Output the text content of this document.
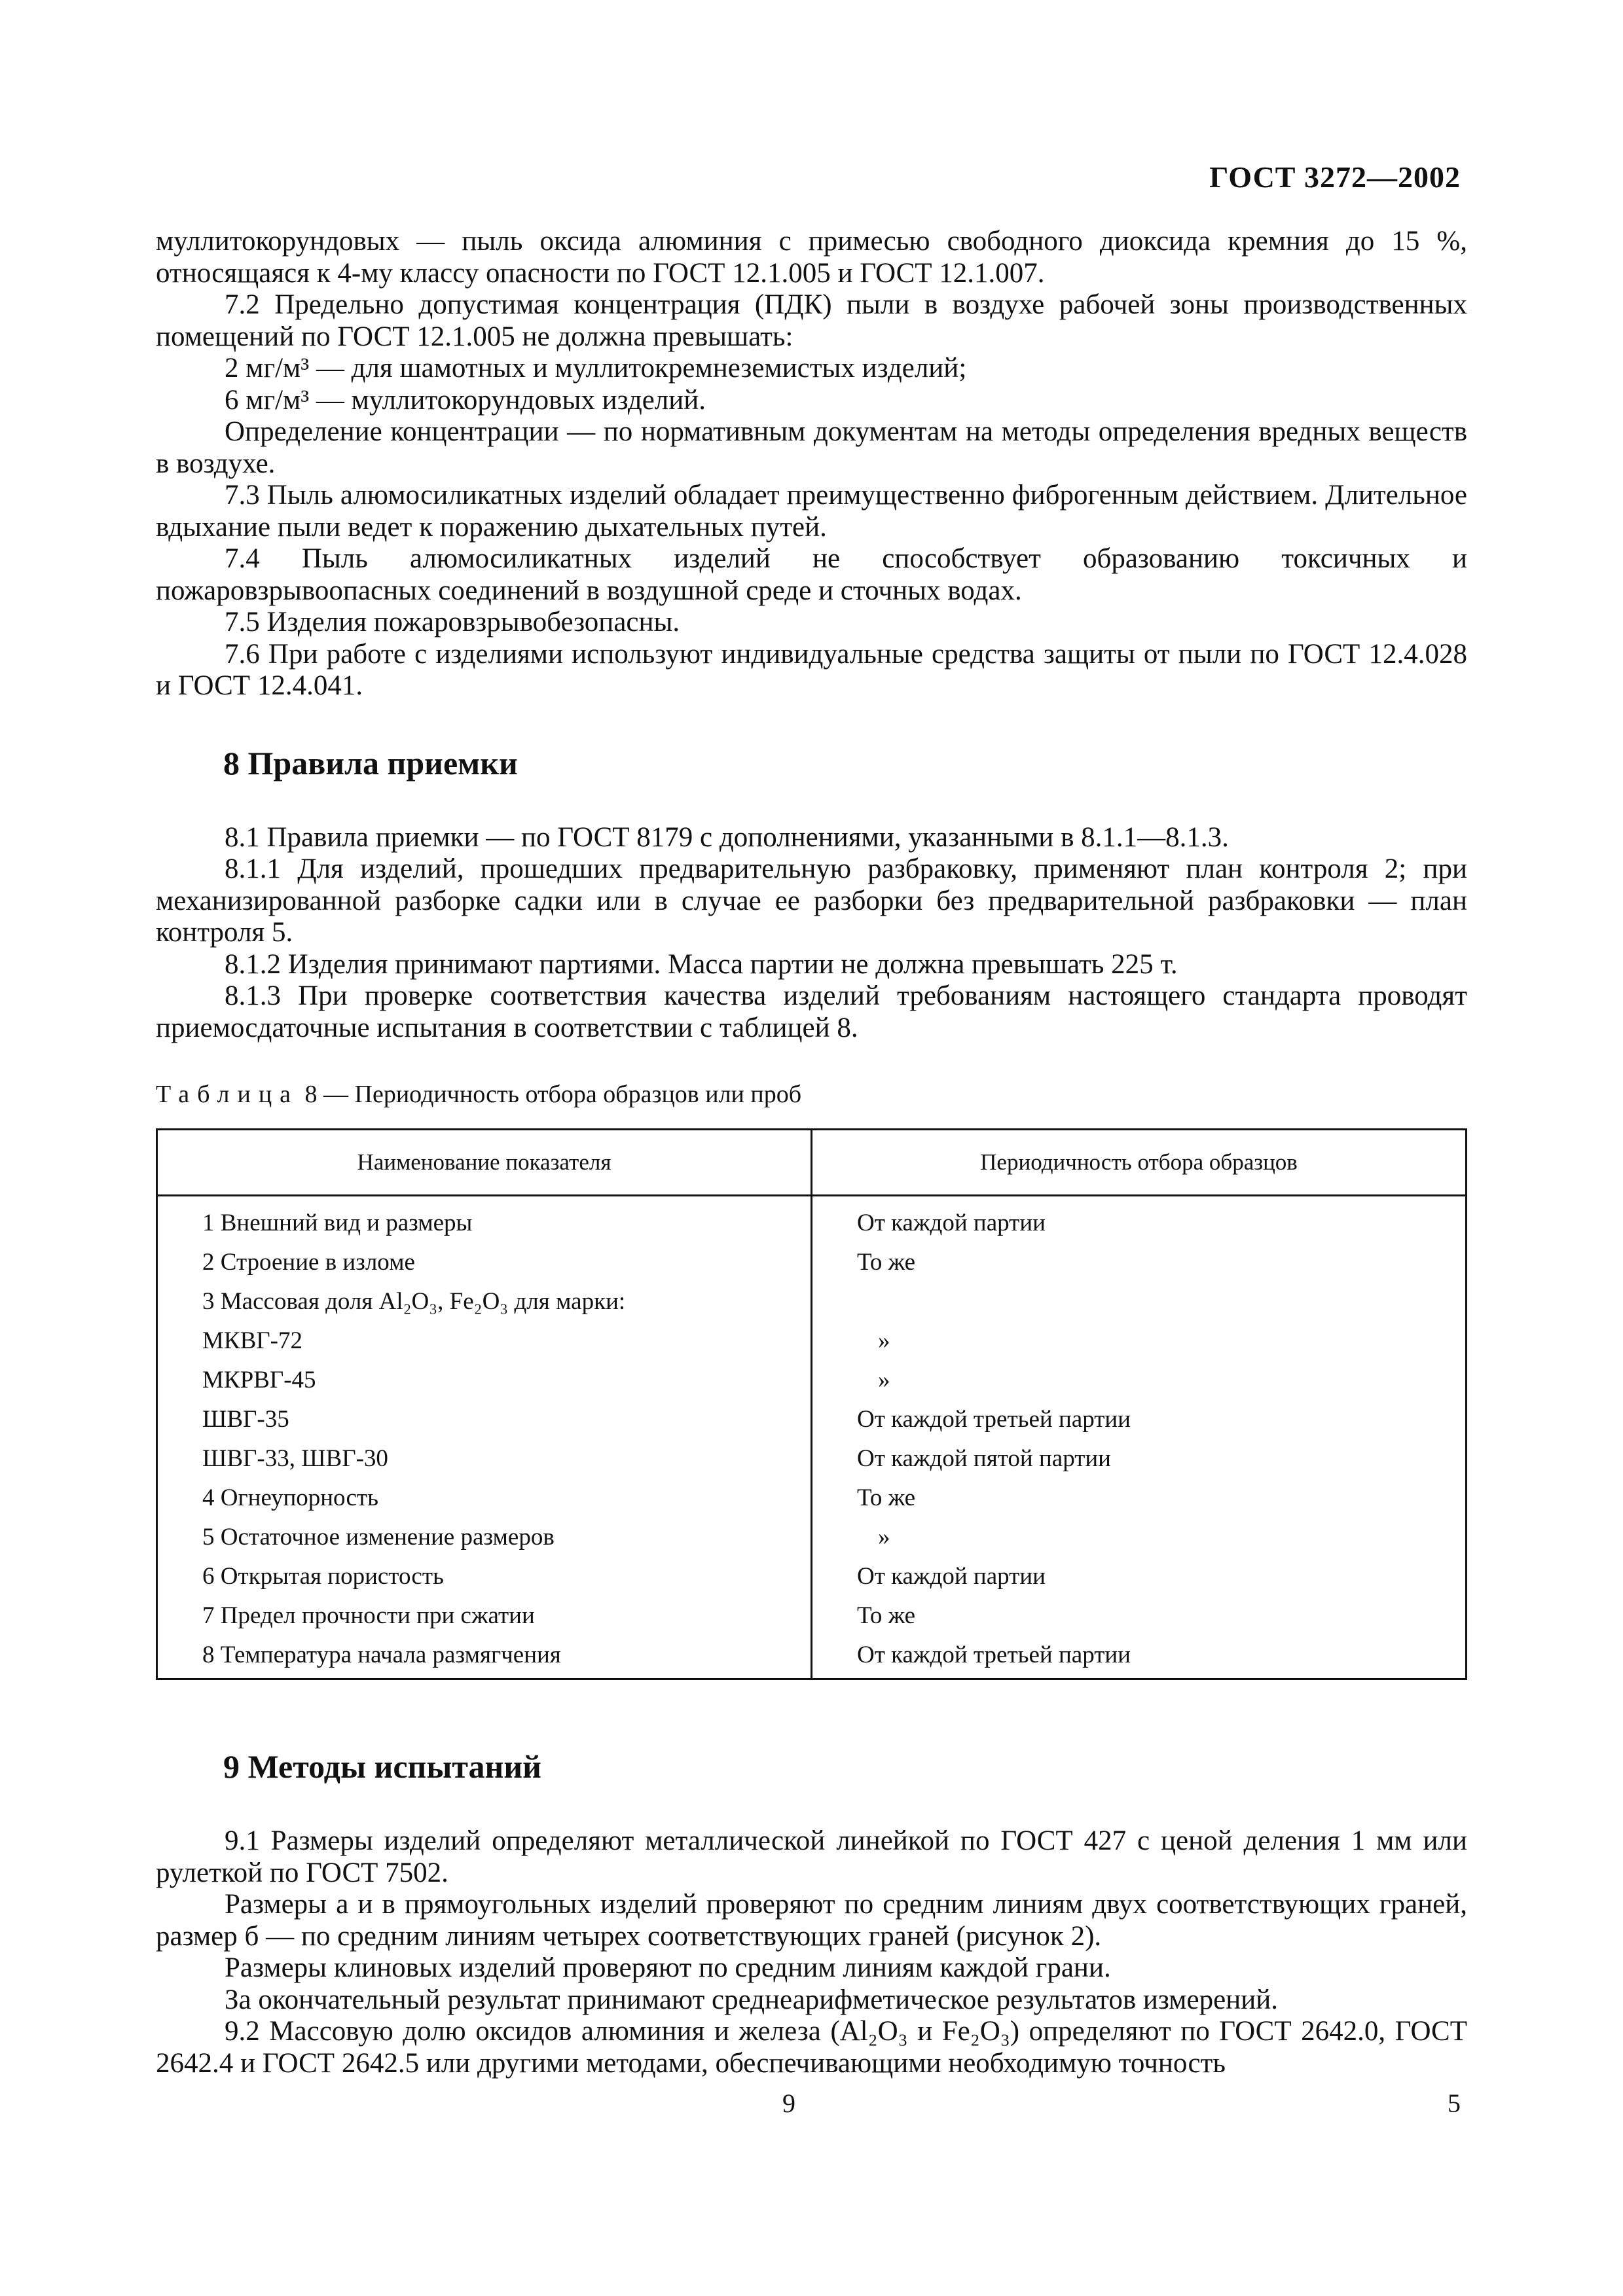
ГОСТ 3272—2002

муллитокорундовых — пыль оксида алюминия с примесью свободного диоксида кремния до 15 %, относящаяся к 4-му классу опасности по ГОСТ 12.1.005 и ГОСТ 12.1.007.

7.2 Предельно допустимая концентрация (ПДК) пыли в воздухе рабочей зоны производственных помещений по ГОСТ 12.1.005 не должна превышать:

2 мг/м³ — для шамотных и муллитокремнеземистых изделий;

6 мг/м³ — муллитокорундовых изделий.

Определение концентрации — по нормативным документам на методы определения вредных веществ в воздухе.

7.3 Пыль алюмосиликатных изделий обладает преимущественно фиброгенным действием. Длительное вдыхание пыли ведет к поражению дыхательных путей.

7.4 Пыль алюмосиликатных изделий не способствует образованию токсичных и пожаровзрывоопасных соединений в воздушной среде и сточных водах.

7.5 Изделия пожаровзрывобезопасны.

7.6 При работе с изделиями используют индивидуальные средства защиты от пыли по ГОСТ 12.4.028 и ГОСТ 12.4.041.

8 Правила приемки

8.1 Правила приемки — по ГОСТ 8179 с дополнениями, указанными в 8.1.1—8.1.3.

8.1.1 Для изделий, прошедших предварительную разбраковку, применяют план контроля 2; при механизированной разборке садки или в случае ее разборки без предварительной разбраковки — план контроля 5.

8.1.2 Изделия принимают партиями. Масса партии не должна превышать 225 т.

8.1.3 При проверке соответствия качества изделий требованиям настоящего стандарта проводят приемосдаточные испытания в соответствии с таблицей 8.

Таблица 8 — Периодичность отбора образцов или проб
Наименование показателя	Периодичность отбора образцов
1 Внешний вид и размеры	От каждой партии
2 Строение в изломе	То же
3 Массовая доля Al₂O₃, Fe₂O₃ для марки:	
МКВГ-72	»
МКРВГ-45	»
ШВГ-35	От каждой третьей партии
ШВГ-33, ШВГ-30	От каждой пятой партии
4 Огнеупорность	То же
5 Остаточное изменение размеров	»
6 Открытая пористость	От каждой партии
7 Предел прочности при сжатии	То же
8 Температура начала размягчения	От каждой третьей партии
9 Методы испытаний

9.1 Размеры изделий определяют металлической линейкой по ГОСТ 427 с ценой деления 1 мм или рулеткой по ГОСТ 7502.

Размеры а и в прямоугольных изделий проверяют по средним линиям двух соответствующих граней, размер б — по средним линиям четырех соответствующих граней (рисунок 2).

Размеры клиновых изделий проверяют по средним линиям каждой грани.

За окончательный результат принимают среднеарифметическое результатов измерений.

9.2 Массовую долю оксидов алюминия и железа (Al₂O₃ и Fe₂O₃) определяют по ГОСТ 2642.0, ГОСТ 2642.4 и ГОСТ 2642.5 или другими методами, обеспечивающими необходимую точность

9	5
